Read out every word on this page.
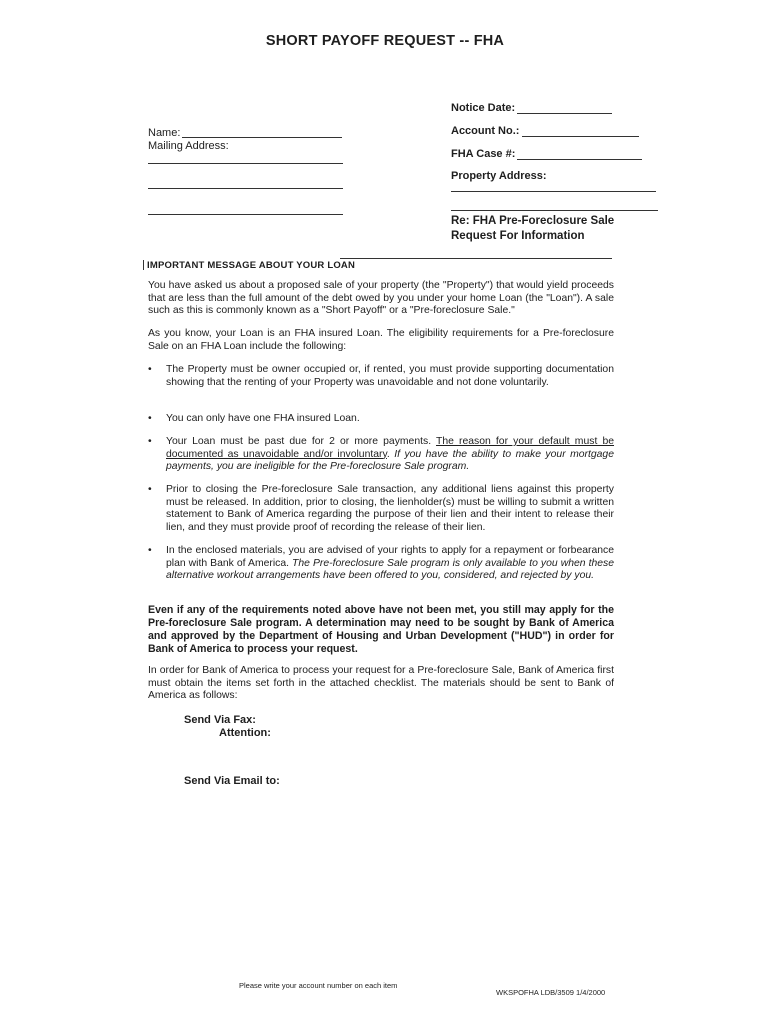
SHORT PAYOFF REQUEST -- FHA
Notice Date:
Account No.:
FHA Case #:
Property Address:
Name:
Mailing Address:
Re: FHA Pre-Foreclosure Sale
Request For Information
IMPORTANT MESSAGE ABOUT YOUR LOAN
You have asked us about a proposed sale of your property (the "Property") that would yield proceeds that are less than the full amount of the debt owed by you under your home Loan (the "Loan"). A sale such as this is commonly known as a "Short Payoff" or a "Pre-foreclosure Sale."
As you know, your Loan is an FHA insured Loan. The eligibility requirements for a Pre-foreclosure Sale on an FHA Loan include the following:
• The Property must be owner occupied or, if rented, you must provide supporting documentation showing that the renting of your Property was unavoidable and not done voluntarily.
• You can only have one FHA insured Loan.
• Your Loan must be past due for 2 or more payments. The reason for your default must be documented as unavoidable and/or involuntary. If you have the ability to make your mortgage payments, you are ineligible for the Pre-foreclosure Sale program.
• Prior to closing the Pre-foreclosure Sale transaction, any additional liens against this property must be released. In addition, prior to closing, the lienholder(s) must be willing to submit a written statement to Bank of America regarding the purpose of their lien and their intent to release their lien, and they must provide proof of recording the release of their lien.
• In the enclosed materials, you are advised of your rights to apply for a repayment or forbearance plan with Bank of America. The Pre-foreclosure Sale program is only available to you when these alternative workout arrangements have been offered to you, considered, and rejected by you.
Even if any of the requirements noted above have not been met, you still may apply for the Pre-foreclosure Sale program. A determination may need to be sought by Bank of America and approved by the Department of Housing and Urban Development ("HUD") in order for Bank of America to process your request.
In order for Bank of America to process your request for a Pre-foreclosure Sale, Bank of America first must obtain the items set forth in the attached checklist. The materials should be sent to Bank of America as follows:
Send Via Fax:
Attention:
Send Via Email to:
Please write your account number on each item
WKSPOFHA LDB/3509 1/4/2000
